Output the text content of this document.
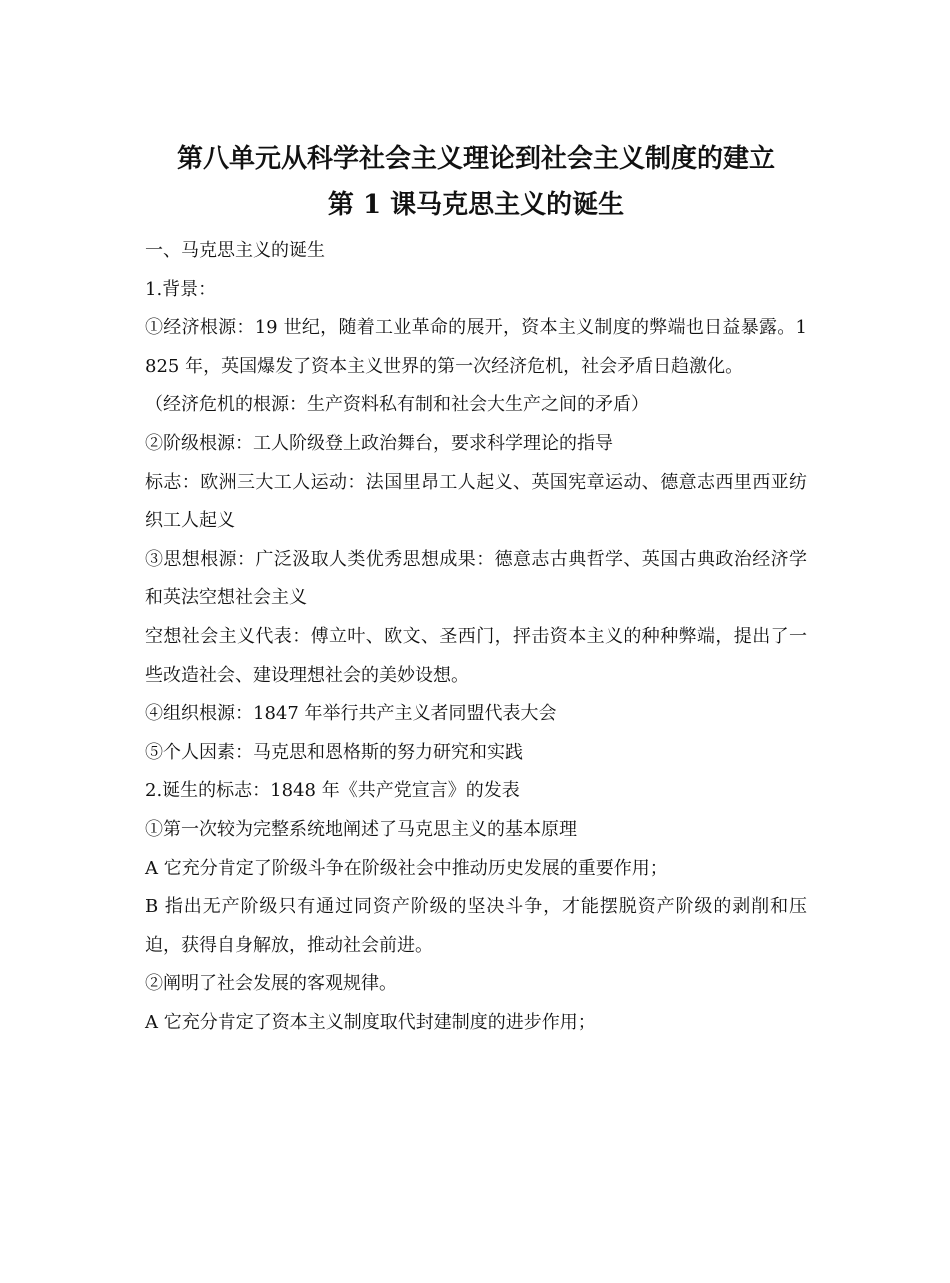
第八单元从科学社会主义理论到社会主义制度的建立
第 1 课马克思主义的诞生

一、马克思主义的诞生

1.背景：

①经济根源：19 世纪，随着工业革命的展开，资本主义制度的弊端也日益暴露。1825 年，英国爆发了资本主义世界的第一次经济危机，社会矛盾日趋激化。

（经济危机的根源：生产资料私有制和社会大生产之间的矛盾）

②阶级根源：工人阶级登上政治舞台，要求科学理论的指导

标志：欧洲三大工人运动：法国里昂工人起义、英国宪章运动、德意志西里西亚纺织工人起义

③思想根源：广泛汲取人类优秀思想成果：德意志古典哲学、英国古典政治经济学和英法空想社会主义

空想社会主义代表：傅立叶、欧文、圣西门，抨击资本主义的种种弊端，提出了一些改造社会、建设理想社会的美妙设想。

④组织根源：1847 年举行共产主义者同盟代表大会

⑤个人因素：马克思和恩格斯的努力研究和实践

2.诞生的标志：1848 年《共产党宣言》的发表

①第一次较为完整系统地阐述了马克思主义的基本原理

A 它充分肯定了阶级斗争在阶级社会中推动历史发展的重要作用；

B 指出无产阶级只有通过同资产阶级的坚决斗争，才能摆脱资产阶级的剥削和压迫，获得自身解放，推动社会前进。

②阐明了社会发展的客观规律。

A 它充分肯定了资本主义制度取代封建制度的进步作用；
